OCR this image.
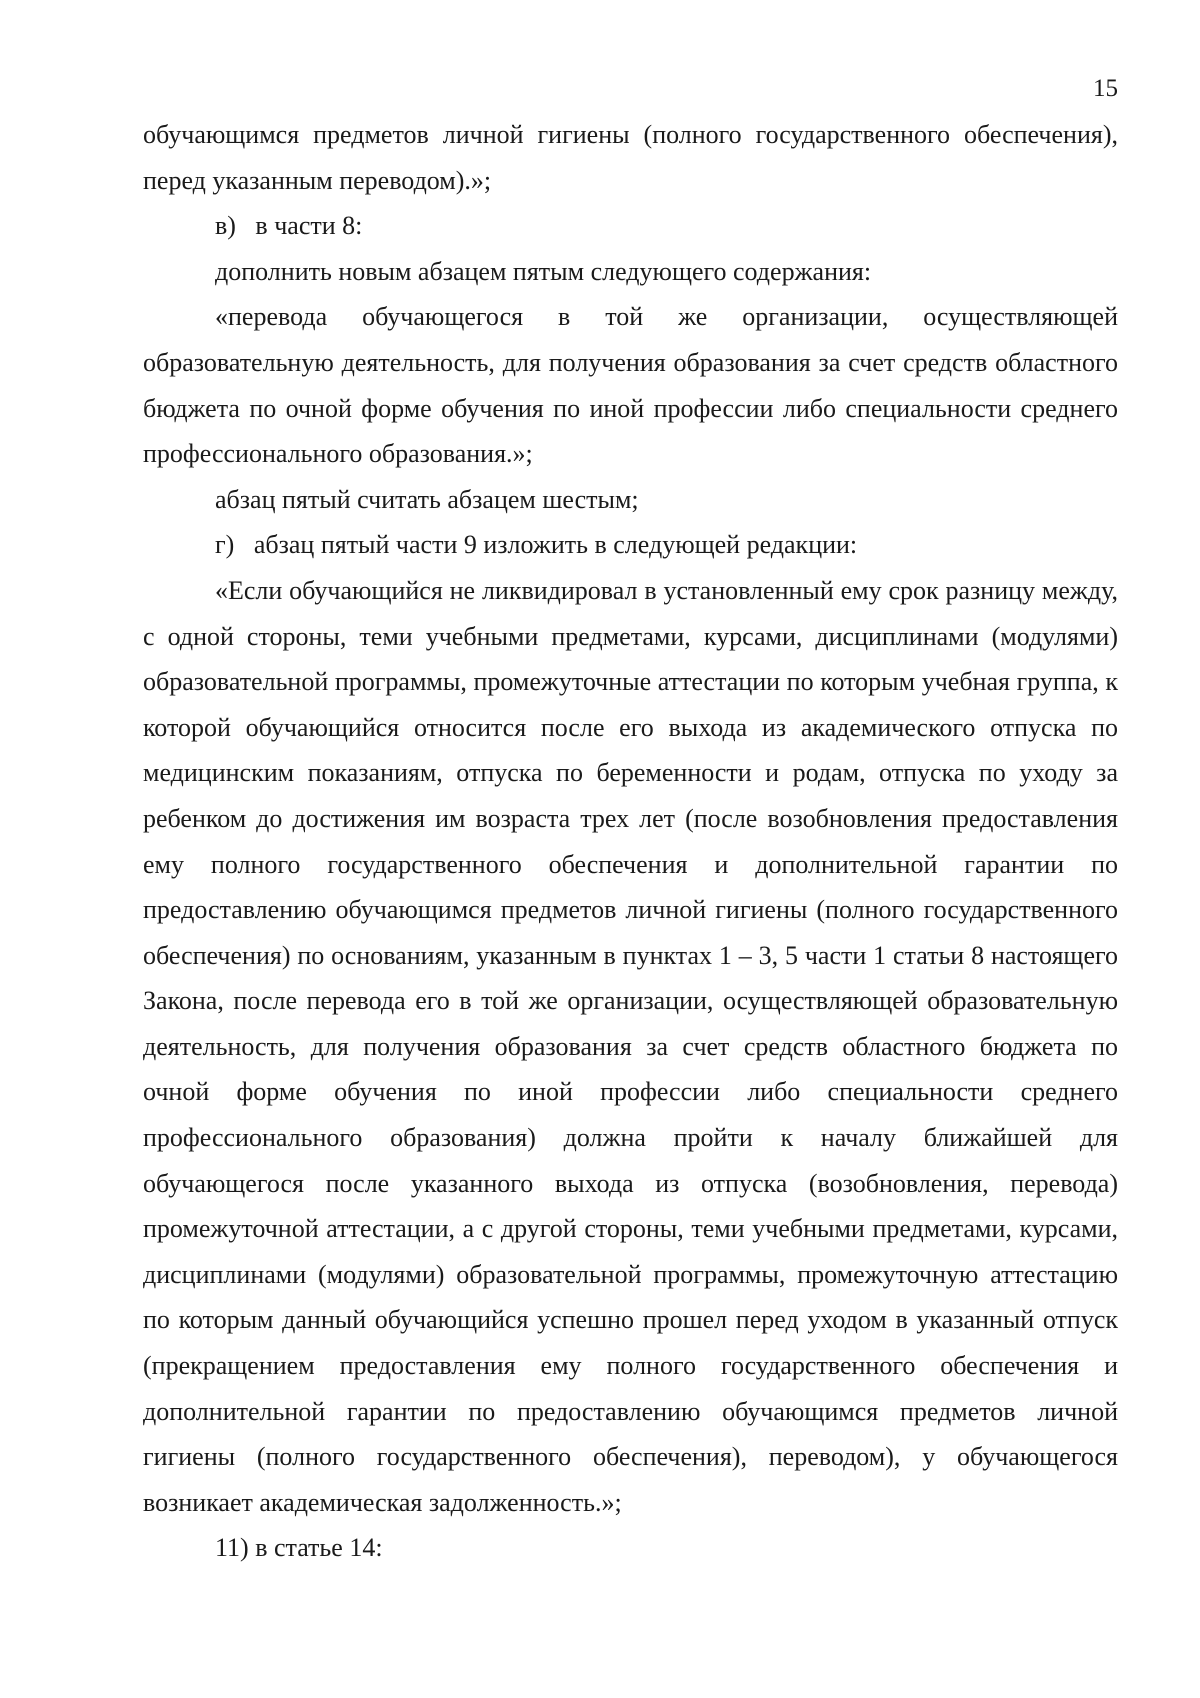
15

обучающимся предметов личной гигиены (полного государственного обеспечения), перед указанным переводом).»;

в)   в части 8:

дополнить новым абзацем пятым следующего содержания:

«перевода обучающегося в той же организации, осуществляющей образовательную деятельность, для получения образования за счет средств областного бюджета по очной форме обучения по иной профессии либо специальности среднего профессионального образования.»;

абзац пятый считать абзацем шестым;

г)   абзац пятый части 9 изложить в следующей редакции:

«Если обучающийся не ликвидировал в установленный ему срок разницу между, с одной стороны, теми учебными предметами, курсами, дисциплинами (модулями) образовательной программы, промежуточные аттестации по которым учебная группа, к которой обучающийся относится после его выхода из академического отпуска по медицинским показаниям, отпуска по беременности и родам, отпуска по уходу за ребенком до достижения им возраста трех лет (после возобновления предоставления ему полного государственного обеспечения и дополнительной гарантии по предоставлению обучающимся предметов личной гигиены (полного государственного обеспечения) по основаниям, указанным в пунктах 1 – 3, 5 части 1 статьи 8 настоящего Закона, после перевода его в той же организации, осуществляющей образовательную деятельность, для получения образования за счет средств областного бюджета по очной форме обучения по иной профессии либо специальности среднего профессионального образования) должна пройти к началу ближайшей для обучающегося после указанного выхода из отпуска (возобновления, перевода) промежуточной аттестации, а с другой стороны, теми учебными предметами, курсами, дисциплинами (модулями) образовательной программы, промежуточную аттестацию по которым данный обучающийся успешно прошел перед уходом в указанный отпуск (прекращением предоставления ему полного государственного обеспечения и дополнительной гарантии по предоставлению обучающимся предметов личной гигиены (полного государственного обеспечения), переводом), у обучающегося возникает академическая задолженность.»;

11) в статье 14:
